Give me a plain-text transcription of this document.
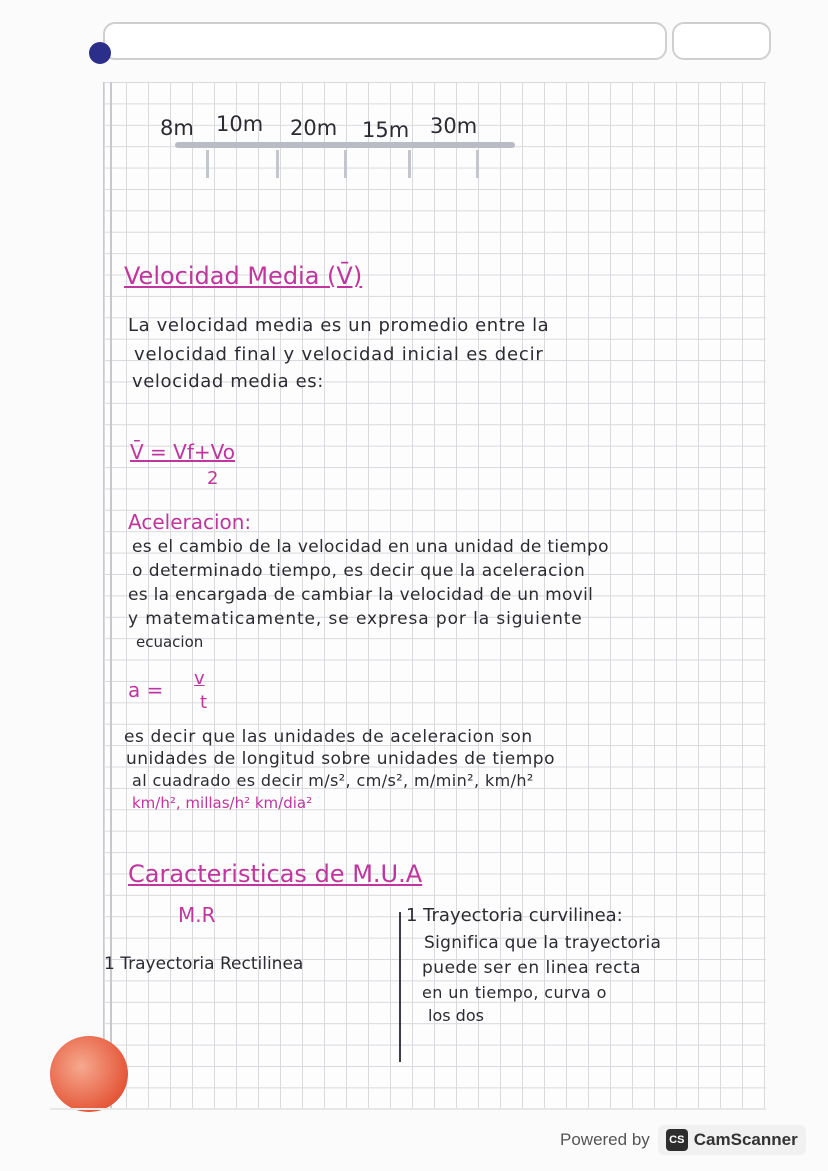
8m 10m 20m 15m 30m
Velocidad Media (V̄)
La velocidad media es un promedio entre la
velocidad final y velocidad inicial es decir
velocidad media es:
V̄ = Vf+Vo
2
Aceleracion:
es el cambio de la velocidad en una unidad de tiempo
o determinado tiempo, es decir que la aceleracion
es la encargada de cambiar la velocidad de un movil
y matematicamente, se expresa por la siguiente
ecuacion
a = v
t
es decir que las unidades de aceleracion son
unidades de longitud sobre unidades de tiempo
al cuadrado es decir m/s², cm/s², m/min², km/h²
km/h², millas/h² km/dia²
Caracteristicas de M.U.A
M.R
1 Trayectoria Rectilinea
1 Trayectoria curvilinea:
Significa que la trayectoria
puede ser en linea recta
en un tiempo, curva o
los dos
Powered by	CS CamScanner
